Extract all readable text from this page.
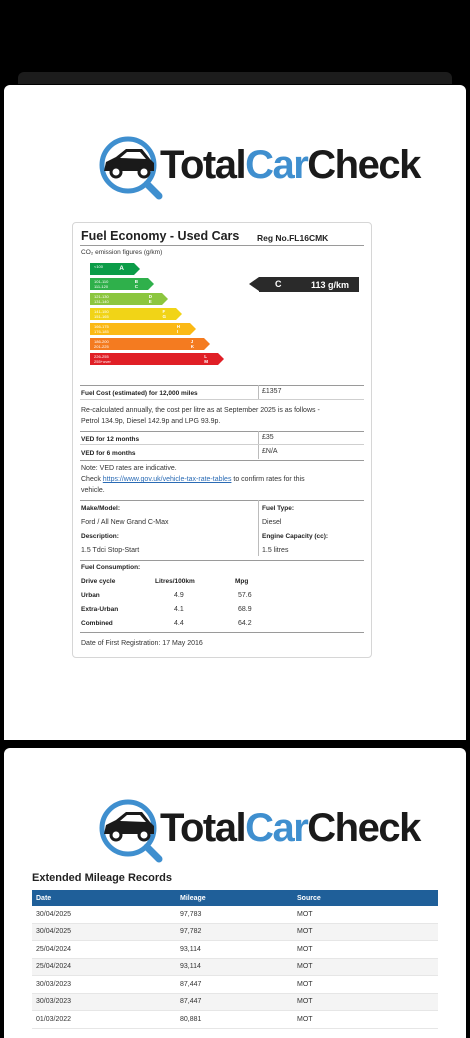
TotalCarCheck
Fuel Economy - Used Cars Reg No.FL16CMK
CO₂ emission figures (g/km)
<100	A
101-110
111-120
B
C
121-130
131-140
D
E
141-150
151-165
F
G
166-175
176-185
H
I
186-200
201-225
J
K
226-255
255+over
L
M
C	113 g/km
Fuel Cost (estimated) for 12,000 miles	£1357
Re-calculated annually, the cost per litre as at September 2025 is as follows -
Petrol 134.9p, Diesel 142.9p and LPG 93.9p.
VED for 12 months	£35
VED for 6 months	£N/A
Note: VED rates are indicative.
Check https://www.gov.uk/vehicle-tax-rate-tables to confirm rates for this
vehicle.
Make/Model:
Ford / All New Grand C-Max
Fuel Type:
Diesel
Description:
1.5 Tdci Stop-Start
Engine Capacity (cc):
1.5 litres
Fuel Consumption:
Drive cycle	Litres/100km	Mpg
Urban	4.9	57.6
Extra-Urban	4.1	68.9
Combined	4.4	64.2
Date of First Registration: 17 May 2016
TotalCarCheck
Extended Mileage Records
Date	Mileage	Source
30/04/2025	97,783	MOT
30/04/2025	97,782	MOT
25/04/2024	93,114	MOT
25/04/2024	93,114	MOT
30/03/2023	87,447	MOT
30/03/2023	87,447	MOT
01/03/2022	80,881	MOT
